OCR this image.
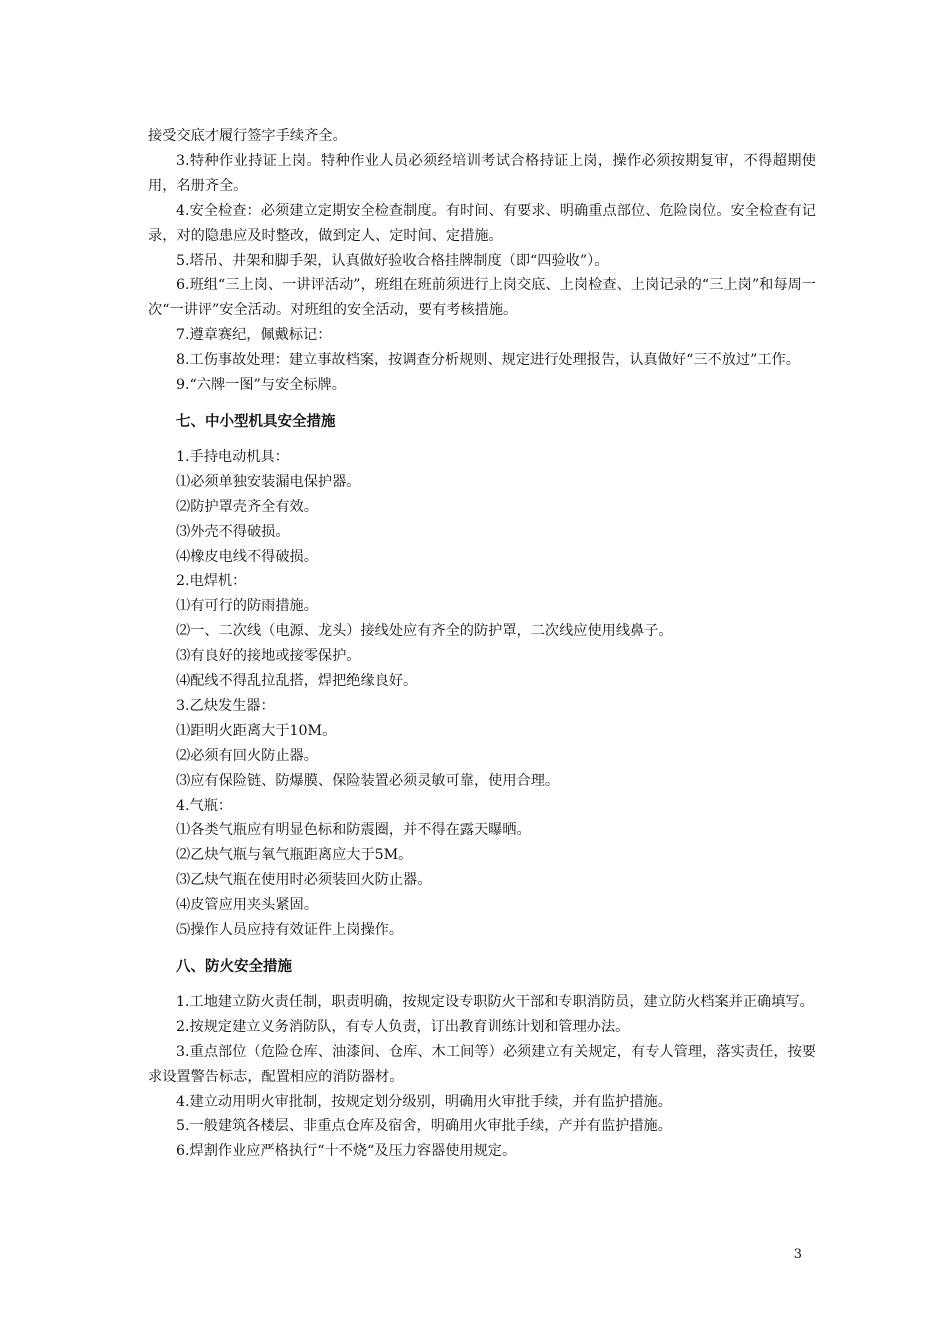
接受交底才履行签字手续齐全。

3.特种作业持证上岗。特种作业人员必须经培训考试合格持证上岗，操作必须按期复审，不得超期使用，名册齐全。

4.安全检查：必须建立定期安全检查制度。有时间、有要求、明确重点部位、危险岗位。安全检查有记录，对的隐患应及时整改，做到定人、定时间、定措施。

5.塔吊、井架和脚手架，认真做好验收合格挂牌制度（即“四验收”）。

6.班组“三上岗、一讲评活动”，班组在班前须进行上岗交底、上岗检查、上岗记录的“三上岗”和每周一次“一讲评”安全活动。对班组的安全活动，要有考核措施。

7.遵章赛纪，佩戴标记：

8.工伤事故处理：建立事故档案，按调查分析规则、规定进行处理报告，认真做好“三不放过”工作。

9.“六牌一图”与安全标牌。

七、中小型机具安全措施

1.手持电动机具：

⑴必须单独安装漏电保护器。

⑵防护罩壳齐全有效。

⑶外壳不得破损。

⑷橡皮电线不得破损。

2.电焊机：

⑴有可行的防雨措施。

⑵一、二次线（电源、龙头）接线处应有齐全的防护罩，二次线应使用线鼻子。

⑶有良好的接地或接零保护。

⑷配线不得乱拉乱搭，焊把绝缘良好。

3.乙炔发生器：

⑴距明火距离大于10M。

⑵必须有回火防止器。

⑶应有保险链、防爆膜、保险装置必须灵敏可靠，使用合理。

4.气瓶：

⑴各类气瓶应有明显色标和防震圈，并不得在露天曝晒。

⑵乙炔气瓶与氧气瓶距离应大于5M。

⑶乙炔气瓶在使用时必须装回火防止器。

⑷皮管应用夹头紧固。

⑸操作人员应持有效证件上岗操作。

八、防火安全措施

1.工地建立防火责任制，职责明确，按规定设专职防火干部和专职消防员，建立防火档案并正确填写。

2.按规定建立义务消防队，有专人负责，订出教育训练计划和管理办法。

3.重点部位（危险仓库、油漆间、仓库、木工间等）必须建立有关规定，有专人管理，落实责任，按要求设置警告标志，配置相应的消防器材。

4.建立动用明火审批制，按规定划分级别，明确用火审批手续，并有监护措施。

5.一般建筑各楼层、非重点仓库及宿舍，明确用火审批手续，产并有监护措施。

6.焊割作业应严格执行“十不烧“及压力容器使用规定。

3
